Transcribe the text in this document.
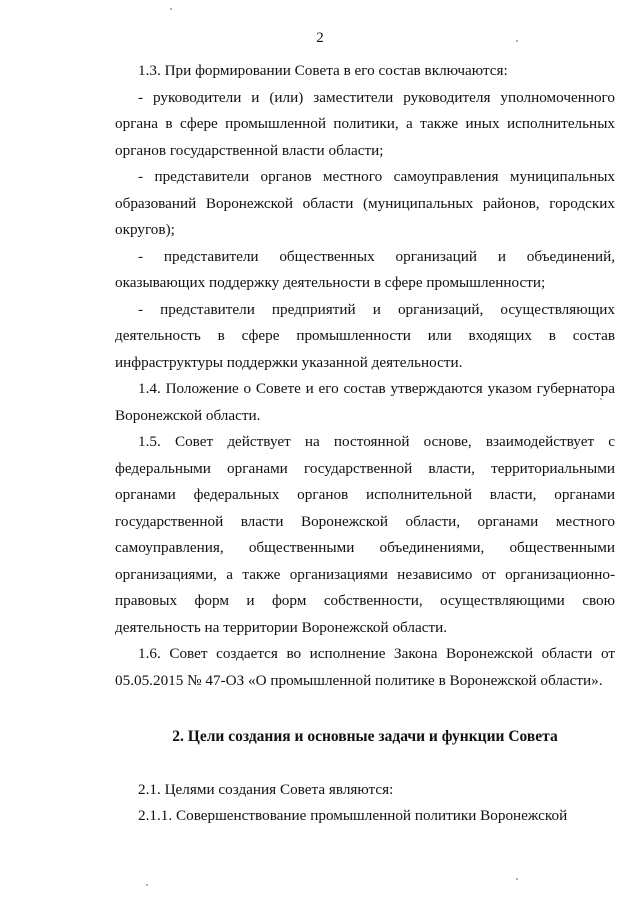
2

1.3. При формировании Совета в его состав включаются:

- руководители и (или) заместители руководителя уполномоченного органа в сфере промышленной политики, а также иных исполнительных органов государственной власти области;

- представители органов местного самоуправления муниципальных образований Воронежской области (муниципальных районов, городских округов);

- представители общественных организаций и объединений, оказывающих поддержку деятельности в сфере промышленности;

- представители предприятий и организаций, осуществляющих деятельность в сфере промышленности или входящих в состав инфраструктуры поддержки указанной деятельности.

1.4. Положение о Совете и его состав утверждаются указом губернатора Воронежской области.

1.5. Совет действует на постоянной основе, взаимодействует с федеральными органами государственной власти, территориальными органами федеральных органов исполнительной власти, органами государственной власти Воронежской области, органами местного самоуправления, общественными объединениями, общественными организациями, а также организациями независимо от организационно-правовых форм и форм собственности, осуществляющими свою деятельность на территории Воронежской области.

1.6. Совет создается во исполнение Закона Воронежской области от 05.05.2015 № 47-ОЗ «О промышленной политике в Воронежской области».

2. Цели создания и основные задачи и функции Совета

2.1. Целями создания Совета являются:

2.1.1. Совершенствование промышленной политики Воронежской
